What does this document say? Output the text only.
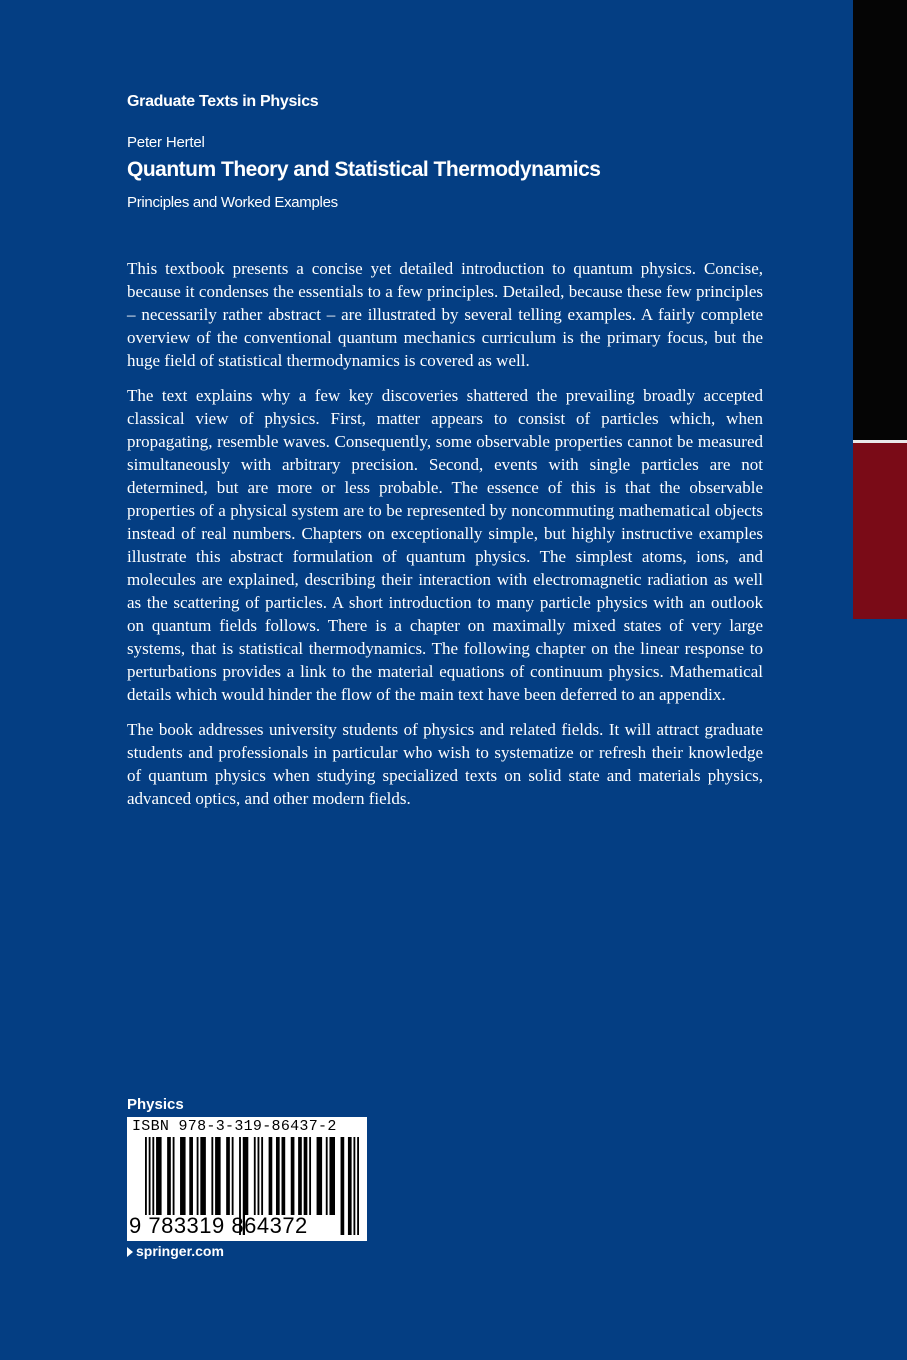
Graduate Texts in Physics
Peter Hertel
Quantum Theory and Statistical Thermodynamics
Principles and Worked Examples

This textbook presents a concise yet detailed introduction to quantum physics. Concise, because it condenses the essentials to a few principles. Detailed, because these few principles – necessarily rather abstract – are illustrated by several telling examples. A fairly complete overview of the conventional quantum mechanics curriculum is the primary focus, but the huge field of statistical thermodynamics is covered as well.

The text explains why a few key discoveries shattered the prevailing broadly accepted classical view of physics. First, matter appears to consist of particles which, when propagating, resemble waves. Consequently, some observable properties cannot be measured simultaneously with arbitrary precision. Second, events with single particles are not determined, but are more or less probable. The essence of this is that the observable properties of a physical system are to be represented by noncommuting mathematical objects instead of real numbers. Chapters on exceptionally simple, but highly instructive examples illustrate this abstract formulation of quantum physics. The simplest atoms, ions, and molecules are explained, describing their interaction with electromagnetic radiation as well as the scattering of particles. A short introduction to many particle physics with an outlook on quantum fields follows. There is a chapter on maximally mixed states of very large systems, that is statistical thermodynamics. The following chapter on the linear response to perturbations provides a link to the material equations of continuum physics. Mathematical details which would hinder the flow of the main text have been deferred to an appendix.

The book addresses university students of physics and related fields. It will attract graduate students and professionals in particular who wish to systematize or refresh their knowledge of quantum physics when studying specialized texts on solid state and materials physics, advanced optics, and other modern fields.

Physics
ISBN 978-3-319-86437-2
9 783319 864372
springer.com
